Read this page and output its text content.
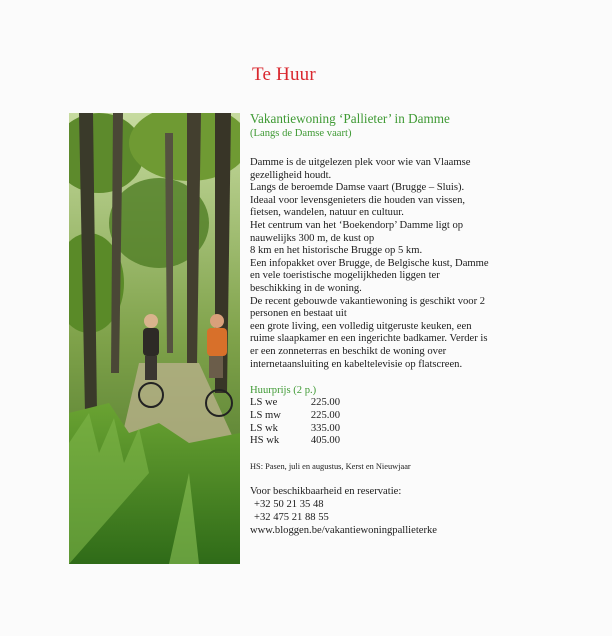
Te Huur
Vakantiewoning ‘Pallieter’ in Damme
(Langs de Damse vaart)
Damme is de uitgelezen plek voor wie van Vlaamse
gezelligheid houdt.
Langs de beroemde Damse vaart (Brugge – Sluis).
Ideaal voor levensgenieters die houden van vissen,
fietsen, wandelen, natuur en cultuur.
Het centrum van het ‘Boekendorp’ Damme ligt op
nauwelijks 300 m, de kust op
8 km en het historische Brugge op 5 km.
Een infopakket over Brugge, de Belgische kust, Damme
en vele toeristische mogelijkheden liggen ter
beschikking in de woning.
De recent gebouwde vakantiewoning is geschikt voor 2
personen en bestaat uit
een grote living, een volledig uitgeruste keuken, een
ruime slaapkamer en een ingerichte badkamer. Verder is
er een zonneterras en beschikt de woning over
internetaansluiting en kabeltelevisie op flatscreen.
Huurprijs (2 p.)
LS we	225.00
LS mw	225.00
LS wk	335.00
HS wk	405.00
HS: Pasen, juli en augustus, Kerst en Nieuwjaar
Voor beschikbaarheid en reservatie:
+32 50 21 35 48
+32 475 21 88 55
www.bloggen.be/vakantiewoningpallieterke
